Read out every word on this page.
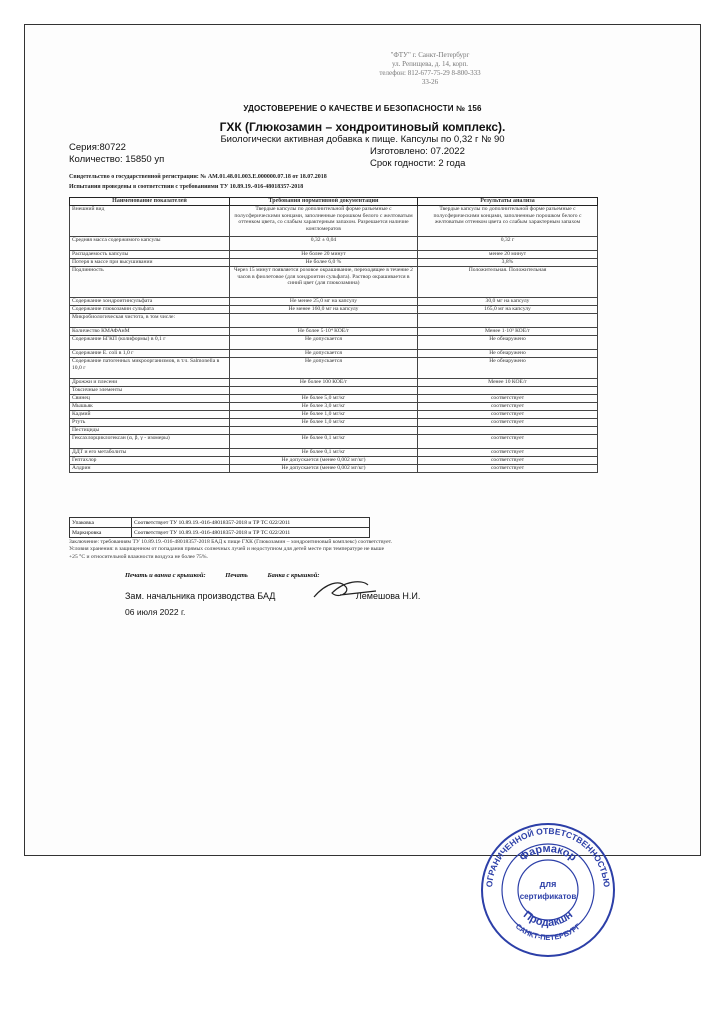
"ФТУ" г. Санкт-Петербург
ул. Репищева, д. 14, корп.
телефон: 812-677-75-29 8-800-333
33-26
УДОСТОВЕРЕНИЕ О КАЧЕСТВЕ И БЕЗОПАСНОСТИ № 156
ГХК (Глюкозамин – хондроитиновый комплекс).
Биологически активная добавка к пище. Капсулы по 0,32 г № 90
Серия:80722	Изготовлено: 07.2022
Количество: 15850 уп	Срок годности: 2 года
Свидетельство о государственной регистрации: № AM.01.48.01.003.E.000000.07.18 от 18.07.2018
Испытания проведены в соответствии с требованиями ТУ 10.89.19.-016-48018357-2018
Наименование показателей	Требования нормативной документации	Результаты анализа
Внешний вид	Твердые капсулы по дополнительной форме разъемные с полусферическими концами, заполненные порошком белого с желтоватым оттенком цвета, со слабым характерным запахом. Разрешается наличие конгломератов	Твердые капсулы по дополнительной форме разъемные с полусферическими концами, заполненные порошком белого с желтоватым оттенком цвета со слабым характерным запахом
Средняя масса содержимого капсулы	0,32 ± 0,04	0,32 г
Распадаемость капсулы	Не более 20 минут	менее 20 минут
Потеря в массе при высушивании	Не более 6,0 %	3,8%
Подлинность	Через 15 минут появляется розовое окрашивание, переходящее в течение 2 часов в фиолетовое (для хондроитин сульфата). Раствор окрашивается в синий цвет (для глюкозамина)	Положительная. Положительная
Содержание хондроитинсульфата	Не менее 25,0 мг на капсулу	30,0 мг на капсулу
Содержание глюкозамин сульфата	Не менее 160,0 мг на капсулу	165,0 мг на капсулу
Микробиологическая чистота, в том числе:		
Количество КМАФАнМ	Не более 5·10⁴ КОЕ/г	Менее 1·10³ КОЕ/г
Содержание БГКП (колиформы) в 0,1 г	Не допускается	Не обнаружено
Содержание E. coli в 1,0 г	Не допускается	Не обнаружено
Содержание патогенных микроорганизмов, в т.ч. Salmonella в 10,0 г	Не допускается	Не обнаружено
Дрожжи и плесени	Не более 100 КОЕ/г	Менее 10 КОЕ/г
Токсичные элементы		
Свинец	Не более 5,0 мг/кг	соответствует
Мышьяк	Не более 3,0 мг/кг	соответствует
Кадмий	Не более 1,0 мг/кг	соответствует
Ртуть	Не более 1,0 мг/кг	соответствует
Пестициды		
Гексахлорциклогексан (α, β, γ - изомеры)	Не более 0,1 мг/кг	соответствует
ДДТ и его метаболиты	Не более 0,1 мг/кг	соответствует
Гептахлор	Не допускается (менее 0,002 мг/кг)	соответствует
Алдрин	Не допускается (менее 0,002 мг/кг)	соответствует
Упаковка	Соответствует ТУ 10.89.19.-016-48018357-2018 и ТР ТС 022/2011
Маркировка	Соответствует ТУ 10.89.19.-016-48018357-2018 и ТР ТС 022/2011
Заключение: требованиям ТУ 10.89.19.-016-48018357-2018 БАД к пище ГХК (Глюкозамин – хондроитиновый комплекс) соответствует.
Условия хранения: в защищенном от попадания прямых солнечных лучей и недоступном для детей месте при температуре не выше
+25 °С и относительной влажности воздуха не более 75%.
Печать и ванна с крышкой:	Печать	Банка с крышкой:
Зам. начальника производства БАД	Лемешова Н.И.
06 июля 2022 г.
ОГРАНИЧЕННОЙ ОТВЕТСТВЕННОСТЬЮ
САНКТ-ПЕТЕРБУРГ
Фармакор
Продакшн
для
сертификатов
